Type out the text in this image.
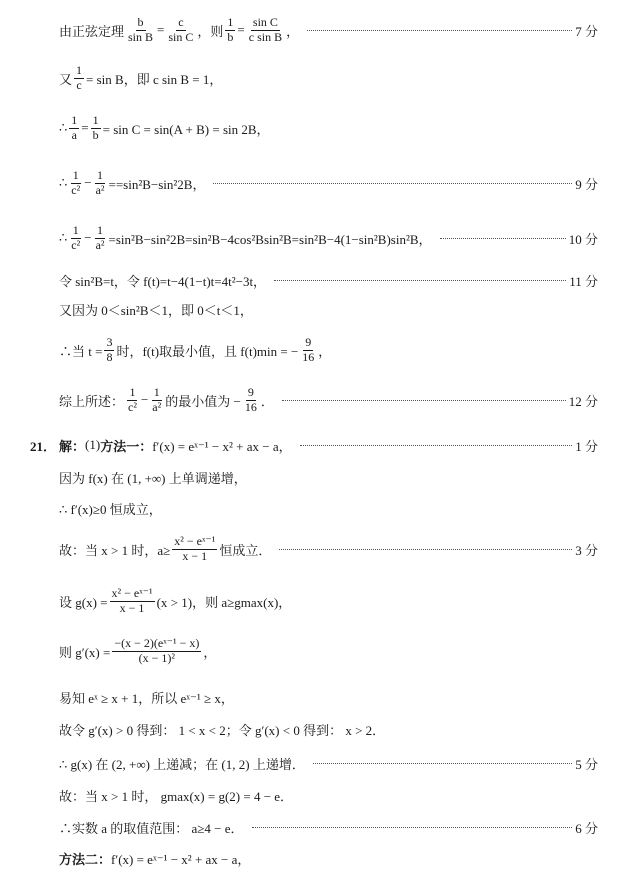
由正弦定理 $\frac{b}{\text{sin B}} = \frac{c}{\text{sin C}}$ ，则 $\frac{1}{b} = \frac{\text{sin C}}{\text{c sin B}}$ ，	7 分
又 $\frac{1}{c} = \sin B$，即 c sin B = 1，
∴ $\frac{1}{a} = \frac{1}{b} = \sin C = \sin(A + B) = \sin 2B$，
∴ $\frac{1}{\text{c²}} - \frac{1}{\text{a²}} ==\sin^2B-\sin^22B$，	9 分
∴ $\frac{1}{\text{c²}} - \frac{1}{\text{a²}} =\sin^2B-\sin^22B=\sin^2B-4\cos^2Bsin^2B=\sin^2B-4(1-\sin^2B)\sin^2B$，	10 分
令 sin²B=t，令 f(t)=t−4(1−t)t=4t²−3t，	11 分
又因为 0＜sin²B＜1，即 0＜t＜1，
∴当 $t = \frac{3}{8}$ 时，f(t)取最小值，且 f(t)min = − $\frac{9}{16}$ ，
综上所述： $\frac{1}{\text{c²}} - \frac{1}{\text{a²}}$ 的最小值为 − $\frac{9}{16}$ ．	12 分
21． 解： (1) 方法一： f′(x) = eˣ⁻¹ − x² + ax − a，	1 分
因为 f(x) 在 (1, +∞) 上单调递增，
∴ f′(x)≥0 恒成立，
故：当 x > 1 时，$a\ge \frac{\text{x² − eˣ⁻¹}}{x - 1}$ 恒成立．	3 分
设 $g(x) = \frac{\text{x² − eˣ⁻¹}}{x - 1} (x > 1)$，则 a≥gmax(x)，
则 $g'(x) = \frac{\text{−(x − 2)(eˣ⁻¹ − x)}}{\text{(x − 1)²}}$ ，
易知 eˣ ≥ x + 1，所以 eˣ⁻¹ ≥ x，
故令 g′(x) > 0 得到： 1 < x < 2；令 g′(x) < 0 得到： x > 2．
∴ g(x) 在 (2, +∞) 上递减；在 (1, 2) 上递增．	5 分
故：当 x > 1 时， gmax(x) = g(2) = 4 − e．
∴实数 a 的取值范围： a≥4 − e．	6 分
方法二： f′(x) = eˣ⁻¹ − x² + ax − a，
